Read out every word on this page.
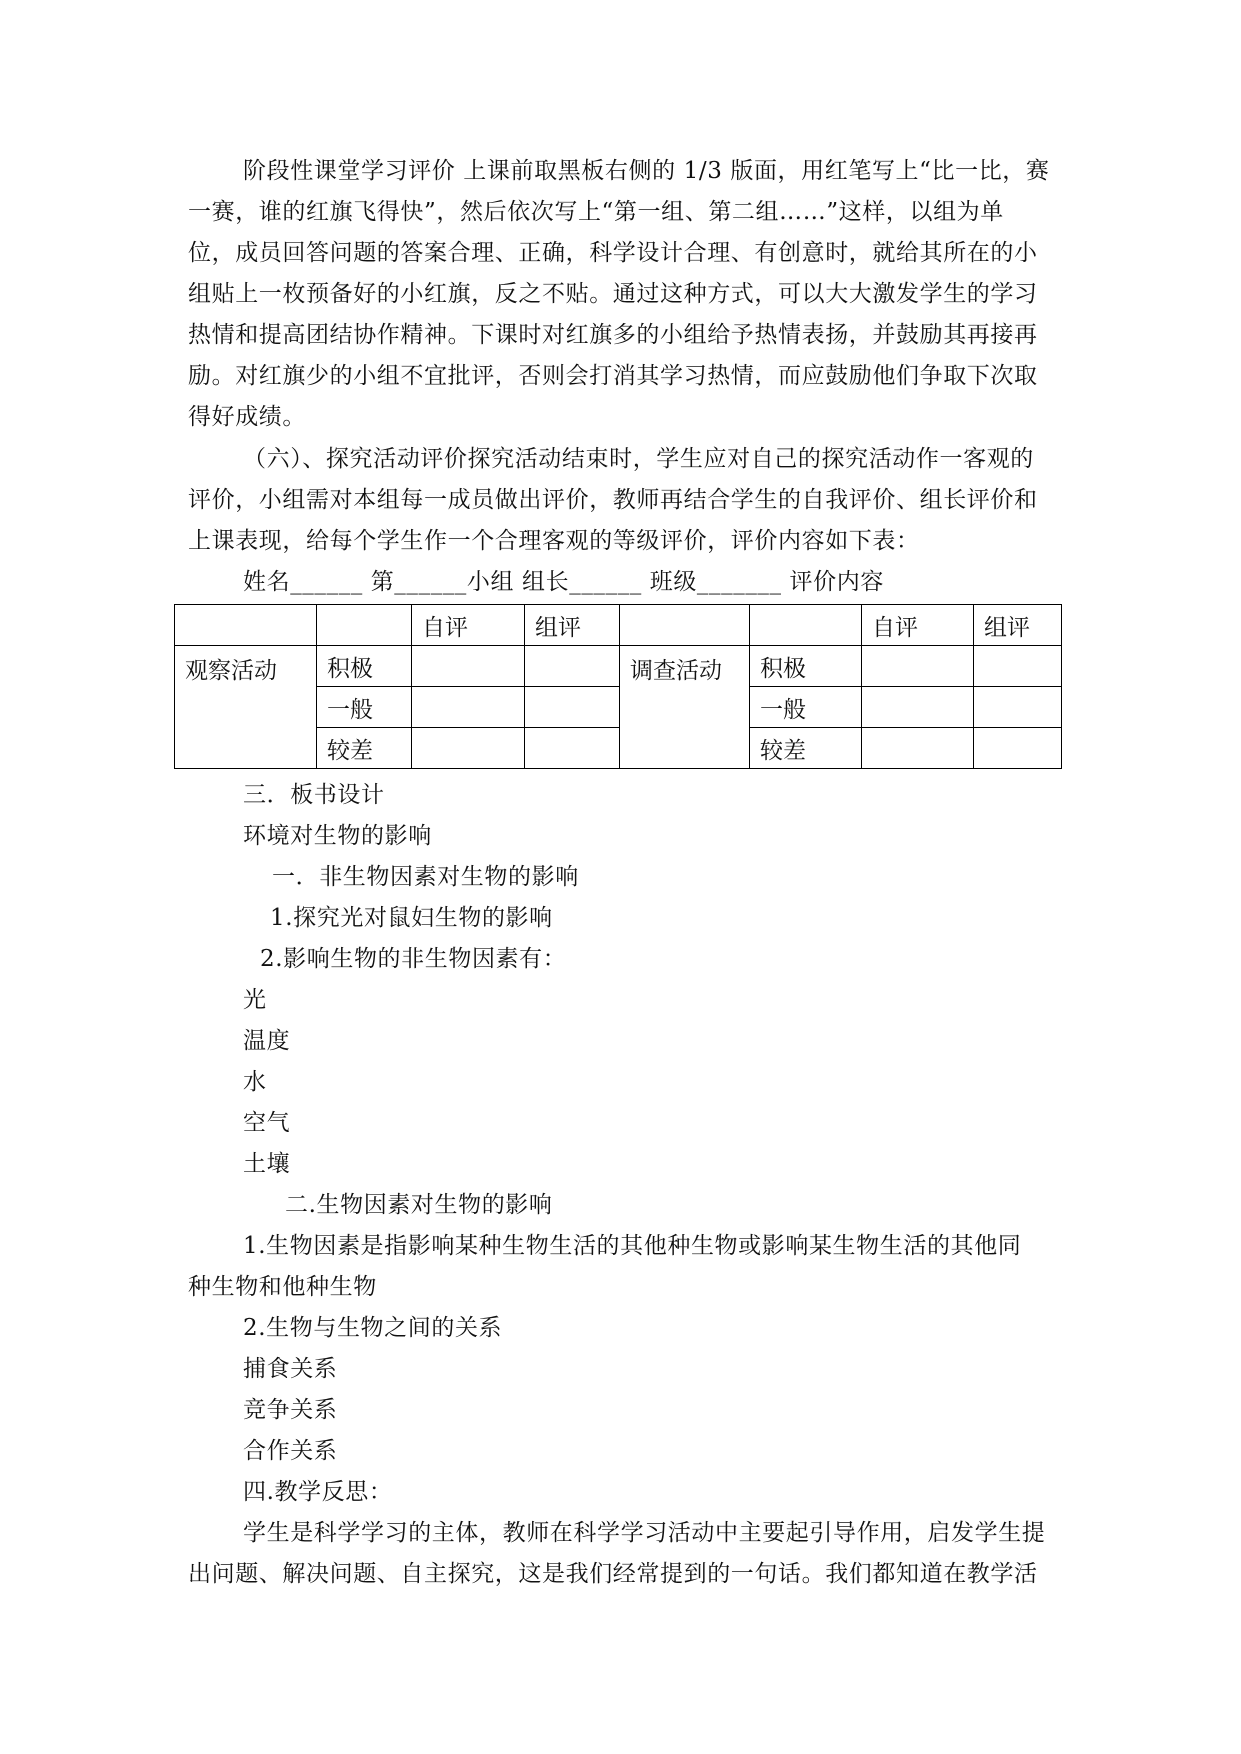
阶段性课堂学习评价 上课前取黑板右侧的 1/3 版面，用红笔写上“比一比，赛
一赛，谁的红旗飞得快”，然后依次写上“第一组、第二组……”这样，以组为单
位，成员回答问题的答案合理、正确，科学设计合理、有创意时，就给其所在的小
组贴上一枚预备好的小红旗，反之不贴。通过这种方式，可以大大激发学生的学习
热情和提高团结协作精神。下课时对红旗多的小组给予热情表扬，并鼓励其再接再
励。对红旗少的小组不宜批评，否则会打消其学习热情，而应鼓励他们争取下次取
得好成绩。
（六）、探究活动评价探究活动结束时，学生应对自己的探究活动作一客观的
评价，小组需对本组每一成员做出评价，教师再结合学生的自我评价、组长评价和
上课表现，给每个学生作一个合理客观的等级评价，评价内容如下表：
姓名______ 第______小组 组长______ 班级_______ 评价内容
		自评	组评			自评	组评
观察活动	积极			调查活动	积极		
	一般				一般		
	较差				较差		
三．板书设计
环境对生物的影响
一．非生物因素对生物的影响
1.探究光对鼠妇生物的影响
2.影响生物的非生物因素有：
光
温度
水
空气
土壤
二.生物因素对生物的影响
1.生物因素是指影响某种生物生活的其他种生物或影响某生物生活的其他同
种生物和他种生物
2.生物与生物之间的关系
捕食关系
竞争关系
合作关系
四.教学反思：
学生是科学学习的主体，教师在科学学习活动中主要起引导作用，启发学生提
出问题、解决问题、自主探究，这是我们经常提到的一句话。我们都知道在教学活
